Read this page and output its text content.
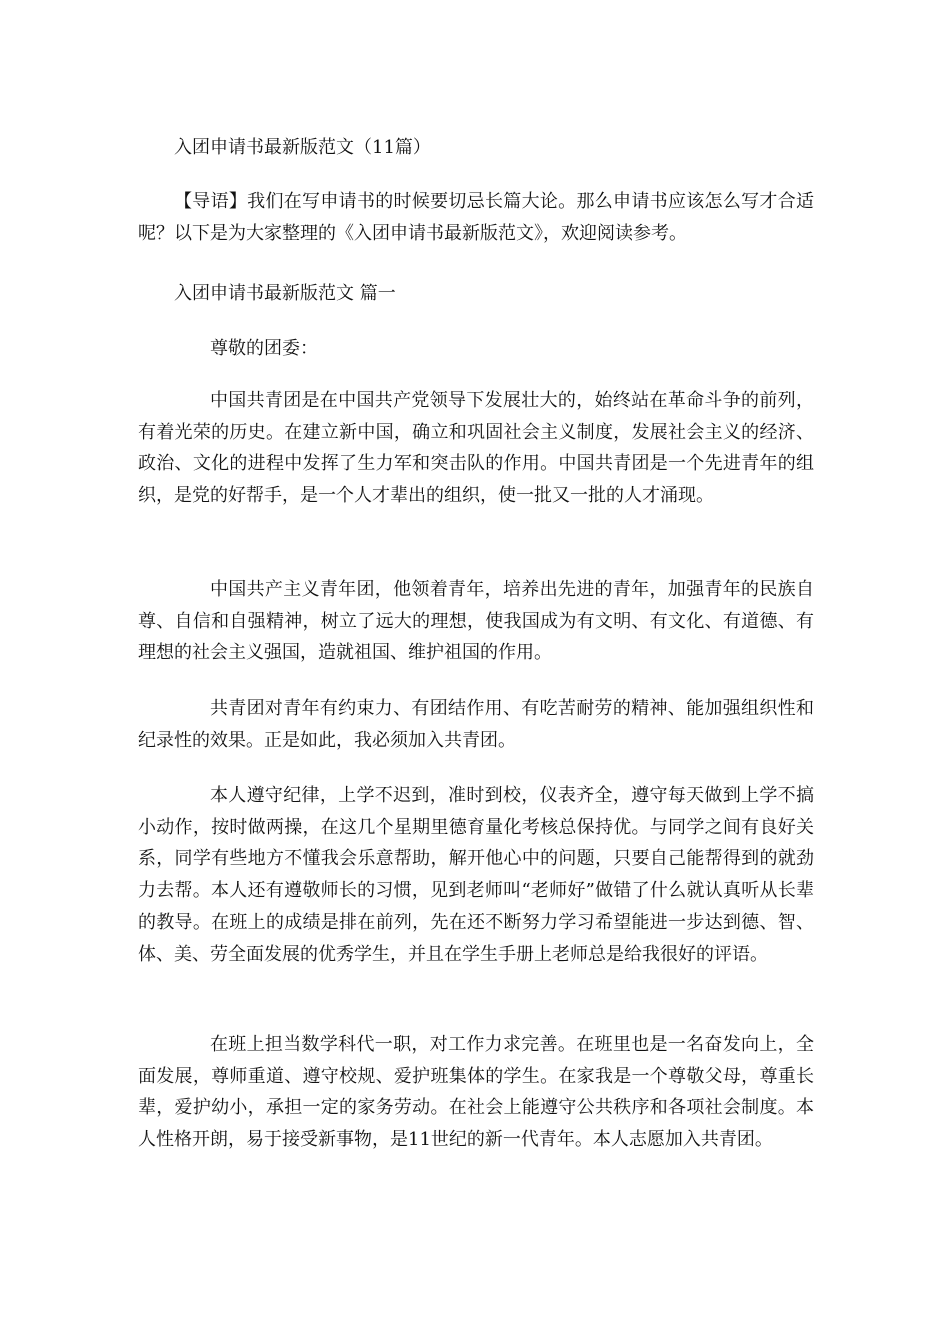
入团申请书最新版范文（11篇）

【导语】我们在写申请书的时候要切忌长篇大论。那么申请书应该怎么写才合适呢？以下是为大家整理的《入团申请书最新版范文》，欢迎阅读参考。

入团申请书最新版范文 篇一

尊敬的团委：

中国共青团是在中国共产党领导下发展壮大的，始终站在革命斗争的前列，有着光荣的历史。在建立新中国，确立和巩固社会主义制度，发展社会主义的经济、政治、文化的进程中发挥了生力军和突击队的作用。中国共青团是一个先进青年的组织，是党的好帮手，是一个人才辈出的组织，使一批又一批的人才涌现。

中国共产主义青年团，他领着青年，培养出先进的青年，加强青年的民族自尊、自信和自强精神，树立了远大的理想，使我国成为有文明、有文化、有道德、有理想的社会主义强国，造就祖国、维护祖国的作用。

共青团对青年有约束力、有团结作用、有吃苦耐劳的精神、能加强组织性和纪录性的效果。正是如此，我必须加入共青团。

本人遵守纪律，上学不迟到，准时到校，仪表齐全，遵守每天做到上学不搞小动作，按时做两操，在这几个星期里德育量化考核总保持优。与同学之间有良好关系，同学有些地方不懂我会乐意帮助，解开他心中的问题，只要自己能帮得到的就劲力去帮。本人还有遵敬师长的习惯，见到老师叫“老师好”做错了什么就认真听从长辈的教导。在班上的成绩是排在前列，先在还不断努力学习希望能进一步达到德、智、体、美、劳全面发展的优秀学生，并且在学生手册上老师总是给我很好的评语。

在班上担当数学科代一职，对工作力求完善。在班里也是一名奋发向上，全面发展，尊师重道、遵守校规、爱护班集体的学生。在家我是一个尊敬父母，尊重长辈，爱护幼小，承担一定的家务劳动。在社会上能遵守公共秩序和各项社会制度。本人性格开朗，易于接受新事物，是11世纪的新一代青年。本人志愿加入共青团。
